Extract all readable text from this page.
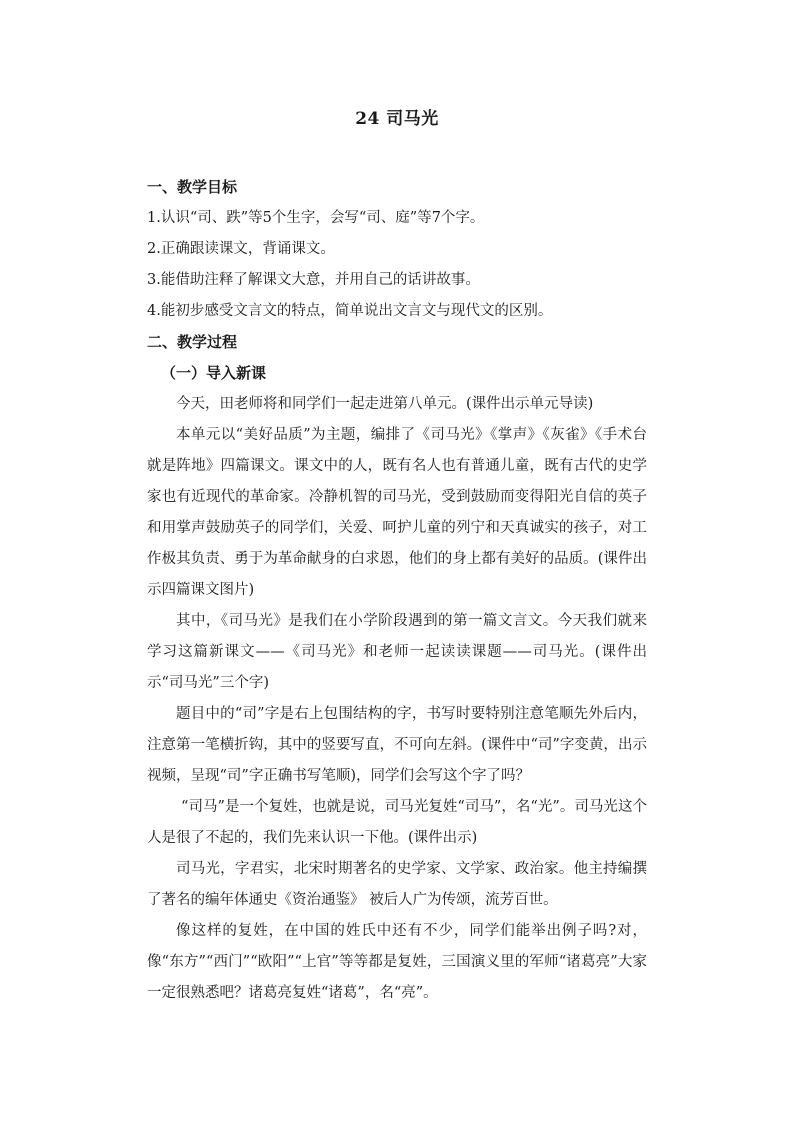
24 司马光

一、教学目标

1.认识“司、跌”等5个生字，会写“司、庭”等7个字。

2.正确跟读课文，背诵课文。

3.能借助注释了解课文大意，并用自己的话讲故事。

4.能初步感受文言文的特点，简单说出文言文与现代文的区别。

二、教学过程

（一）导入新课

今天，田老师将和同学们一起走进第八单元。(课件出示单元导读)

本单元以“美好品质”为主题，编排了《司马光》《掌声》《灰雀》《手术台就是阵地》四篇课文。课文中的人，既有名人也有普通儿童，既有古代的史学家也有近现代的革命家。冷静机智的司马光，受到鼓励而变得阳光自信的英子和用掌声鼓励英子的同学们，关爱、呵护儿童的列宁和天真诚实的孩子，对工作极其负责、勇于为革命献身的白求恩，他们的身上都有美好的品质。(课件出示四篇课文图片)

其中，《司马光》是我们在小学阶段遇到的第一篇文言文。今天我们就来学习这篇新课文——《司马光》和老师一起读读课题——司马光。(课件出示“司马光”三个字)

题目中的“司”字是右上包围结构的字，书写时要特别注意笔顺先外后内，注意第一笔横折钩，其中的竖要写直，不可向左斜。(课件中“司”字变黄，出示视频，呈现“司”字正确书写笔顺)，同学们会写这个字了吗？

“司马”是一个复姓，也就是说，司马光复姓“司马”，名“光”。司马光这个人是很了不起的，我们先来认识一下他。(课件出示)

司马光，字君实，北宋时期著名的史学家、文学家、政治家。他主持编撰了著名的编年体通史《资治通鉴》 被后人广为传颂，流芳百世。

像这样的复姓，在中国的姓氏中还有不少，同学们能举出例子吗?对，像“东方”“西门”“欧阳”“上官”等等都是复姓，三国演义里的军师“诸葛亮”大家一定很熟悉吧？诸葛亮复姓“诸葛”，名“亮”。
